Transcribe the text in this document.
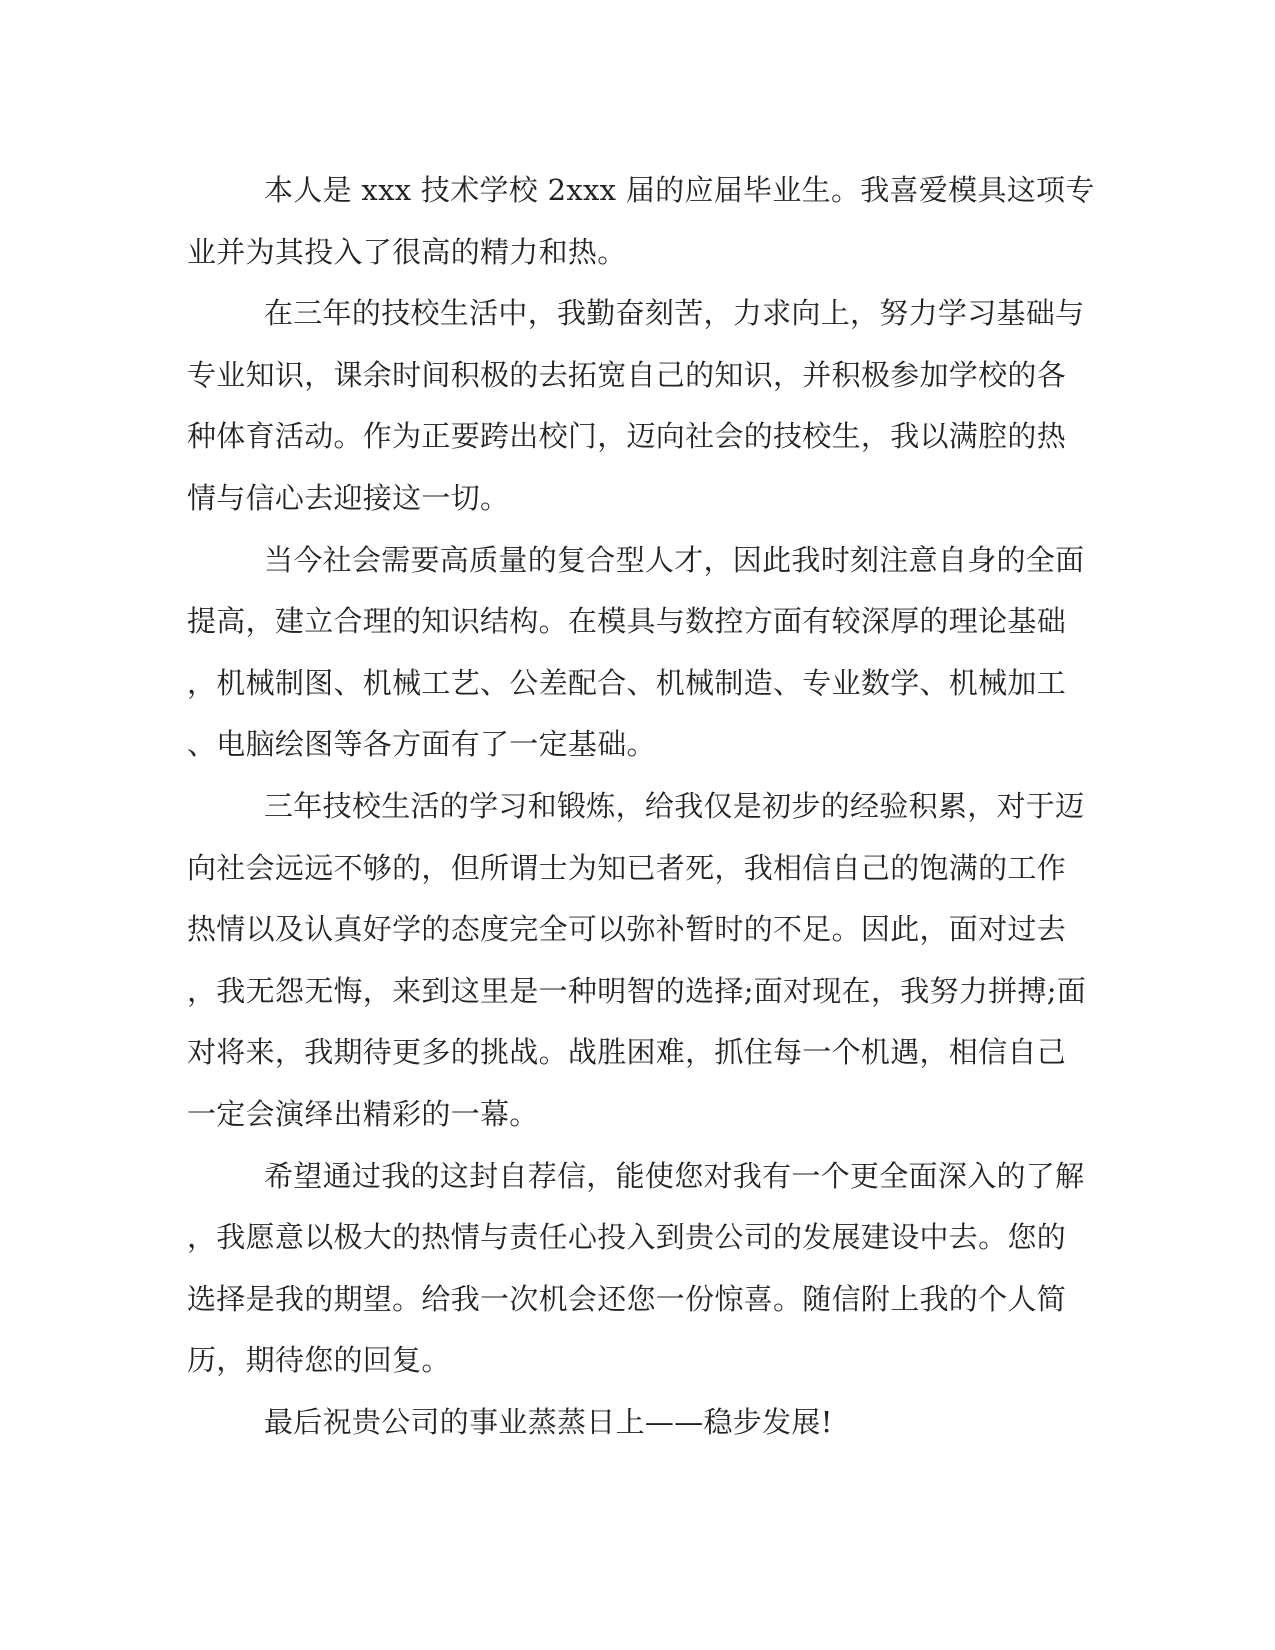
本人是 xxx 技术学校 2xxx 届的应届毕业生。我喜爱模具这项专
业并为其投入了很高的精力和热。
在三年的技校生活中，我勤奋刻苦，力求向上，努力学习基础与
专业知识，课余时间积极的去拓宽自己的知识，并积极参加学校的各
种体育活动。作为正要跨出校门，迈向社会的技校生，我以满腔的热
情与信心去迎接这一切。
当今社会需要高质量的复合型人才，因此我时刻注意自身的全面
提高，建立合理的知识结构。在模具与数控方面有较深厚的理论基础
，机械制图、机械工艺、公差配合、机械制造、专业数学、机械加工
、电脑绘图等各方面有了一定基础。
三年技校生活的学习和锻炼，给我仅是初步的经验积累，对于迈
向社会远远不够的，但所谓士为知已者死，我相信自己的饱满的工作
热情以及认真好学的态度完全可以弥补暂时的不足。因此，面对过去
，我无怨无悔，来到这里是一种明智的选择;面对现在，我努力拼搏;面
对将来，我期待更多的挑战。战胜困难，抓住每一个机遇，相信自己
一定会演绎出精彩的一幕。
希望通过我的这封自荐信，能使您对我有一个更全面深入的了解
，我愿意以极大的热情与责任心投入到贵公司的发展建设中去。您的
选择是我的期望。给我一次机会还您一份惊喜。随信附上我的个人简
历，期待您的回复。
最后祝贵公司的事业蒸蒸日上——稳步发展!
